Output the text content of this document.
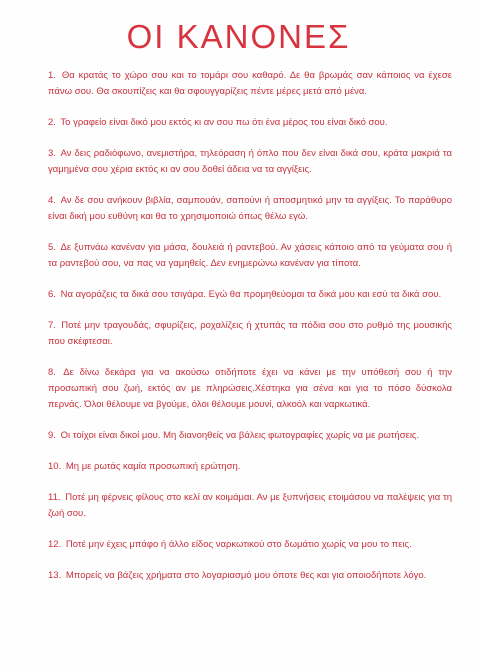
ΟΙ ΚΑΝΟΝΕΣ
1. Θα κρατάς το χώρο σου και το τομάρι σου καθαρό. Δε θα βρωμάς σαν κάποιος να έχεσε πάνω σου. Θα σκουπίζεις και θα σφουγγαρίζεις πέντε μέρες μετά από μένα.
2. Το γραφείο είναι δικό μου εκτός κι αν σου πω ότι ένα μέρος του είναι δικό σου.
3. Αν δεις ραδιόφωνο, ανεμιστήρα, τηλεόραση ή όπλο που δεν είναι δικά σου, κράτα μακριά τα γαμημένα σου χέρια εκτός κι αν σου δοθεί άδεια να τα αγγίξεις.
4. Αν δε σου ανήκουν βιβλία, σαμπουάν, σαπούνι ή αποσμητικό μην τα αγγίξεις. Το παράθυρο είναι δική μου ευθύνη και θα το χρησιμοποιώ όπως θέλω εγώ.
5. Δε ξυπνάω κανέναν για μάσα, δουλειά ή ραντεβού. Αν χάσεις κάποιο από τα γεύματα σου ή τα ραντεβού σου, να πας να γαμηθείς. Δεν ενημερώνω κανέναν για τίποτα.
6. Να αγοράζεις τα δικά σου τσιγάρα. Εγώ θα προμηθεύομαι τα δικά μου και εσύ τα δικά σου.
7. Ποτέ μην τραγουδάς, σφυρίζεις, ροχαλίζεις ή χτυπάς τα πόδια σου στο ρυθμό της μουσικής που σκέφτεσαι.
8. Δε δίνω δεκάρα για να ακούσω οτιδήποτε έχει να κάνει με την υπόθεσή σου ή την προσωπική σου ζωή, εκτός αν με πληρώσεις.Χέστηκα για σένα και για το πόσο δύσκολα περνάς. Όλοι θέλουμε να βγούμε, όλοι θέλουμε μουνί, αλκοόλ και ναρκωτικά.
9. Οι τοίχοι είναι δικοί μου. Μη διανοηθείς να βάλεις φωτογραφίες χωρίς να με ρωτήσεις.
10. Μη με ρωτάς καμία προσωπική ερώτηση.
11. Ποτέ μη φέρνεις φίλους στο κελί αν κοιμάμαι. Αν με ξυπνήσεις ετοιμάσου να παλέψεις για τη ζωή σου.
12. Ποτέ μην έχεις μπάφο ή άλλο είδος ναρκωτικού στο δωμάτιο χωρίς να μου το πεις.
13. Μπορείς να βάζεις χρήματα στο λογαριασμό μου όποτε θες και για οποιοδήποτε λόγο.
